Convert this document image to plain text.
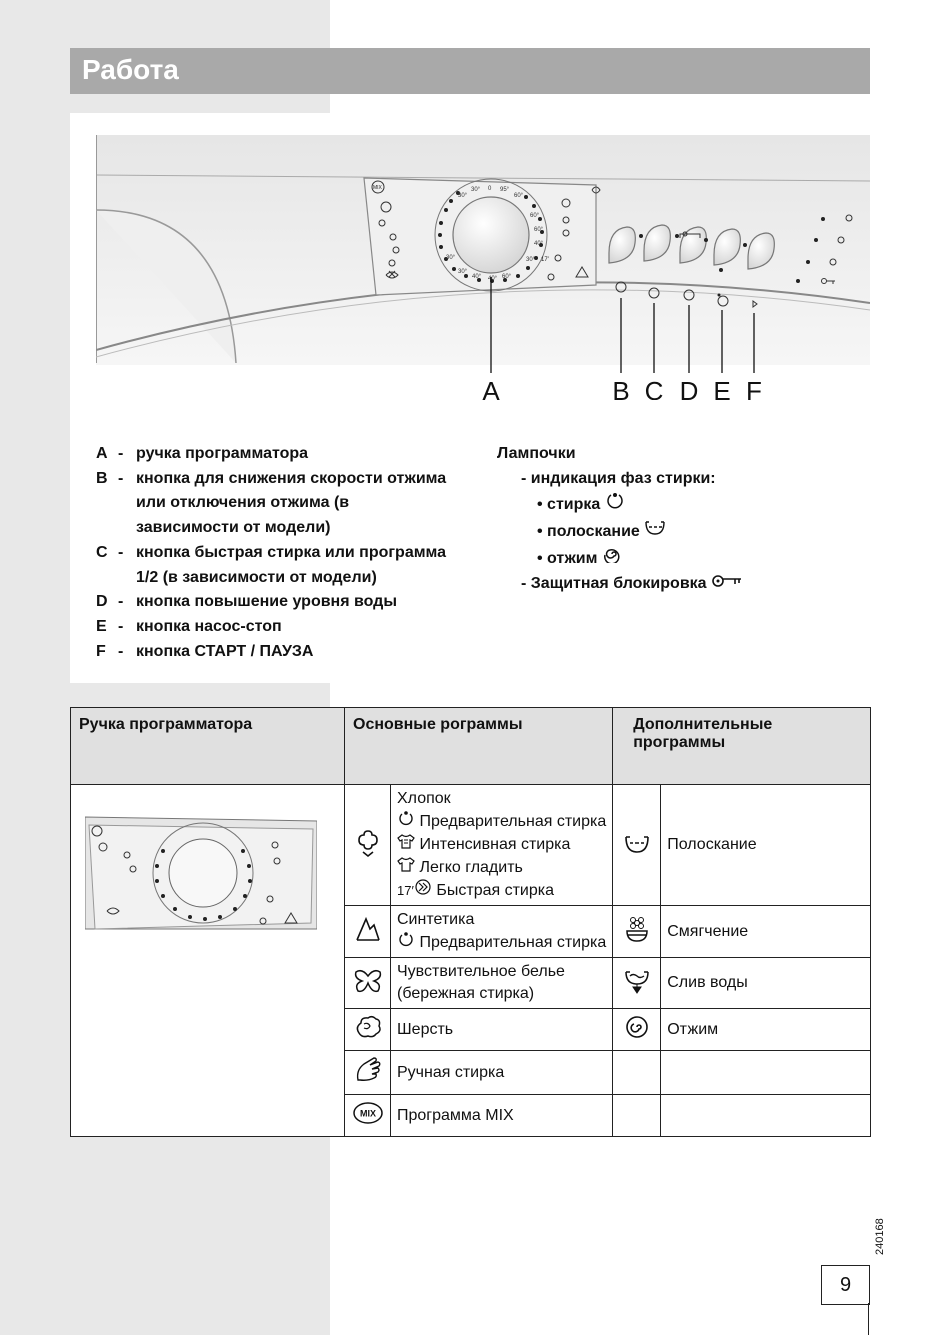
Работа
30°
30° 0 95°
60°
60°
60°
40°
30°
30°
30°
40° 40° 60°
MIX
17′
A	B C D E F
A - ручка программатора
B - кнопка для снижения скорости отжима
или отключения отжима (в
зависимости от модели)
C - кнопка быстрая стирка или программа
1/2 (в зависимости от модели)
D - кнопка повышение уровня воды
E - кнопка насос-стоп
F - кнопка СТАРТ / ПАУЗА
Лампочки
- индикация фаз стирки:
• стирка
• полоскание
• отжим
- Защитная блокировка
Ручка программатора	Основные рограммы		Дополнительные программы	

Хлопок
Предварительная стирка
Интенсивная стирка
Легко гладить
17′ Быстрая стирка		Полоскание

Синтетика
Предварительная стирка		Смягчение

Чувствительное белье
(бережная стирка)		Слив воды
	Шерсть		Отжим
	Ручная стирка		

MIX	Программа MIX		
240168
9
